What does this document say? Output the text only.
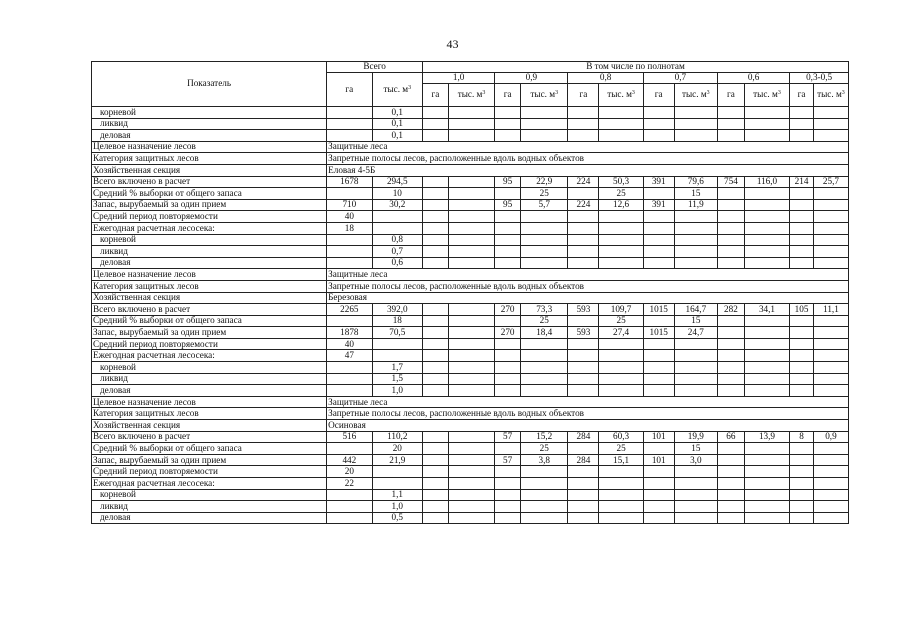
43
Показатель	Всего		В том числе по полнотам											
	га	тыс. $м^3$	1,0		0,9		0,8		0,7		0,6		0,3-0,5	
			га	тыс. $м^3$	га	тыс. $м^3$	га	тыс. $м^3$	га	тыс. $м^3$	га	тыс. $м^3$	га	тыс. $м^3$
корневой		0,1												
ликвид		0,1												
деловая		0,1												
Целевое назначение лесов	Защитные леса													
Категория защитных лесов	Запретные полосы лесов, расположенные вдоль водных объектов													
Хозяйственная секция	Еловая 4-5Б													
Всего включено в расчет	1678	294,5			95	22,9	224	50,3	391	79,6	754	116,0	214	25,7
Средний % выборки от общего запаса		10				25		25		15				
Запас, вырубаемый за один прием	710	30,2			95	5,7	224	12,6	391	11,9				
Средний период повторяемости	40													
Ежегодная расчетная лесосека:	18													
корневой		0,8												
ликвид		0,7												
деловая		0,6												
Целевое назначение лесов	Защитные леса													
Категория защитных лесов	Запретные полосы лесов, расположенные вдоль водных объектов													
Хозяйственная секция	Березовая													
Всего включено в расчет	2265	392,0			270	73,3	593	109,7	1015	164,7	282	34,1	105	11,1
Средний % выборки от общего запаса		18				25		25		15				
Запас, вырубаемый за один прием	1878	70,5			270	18,4	593	27,4	1015	24,7				
Средний период повторяемости	40													
Ежегодная расчетная лесосека:	47													
корневой		1,7												
ликвид		1,5												
деловая		1,0												
Целевое назначение лесов	Защитные леса													
Категория защитных лесов	Запретные полосы лесов, расположенные вдоль водных объектов													
Хозяйственная секция	Осиновая													
Всего включено в расчет	516	110,2			57	15,2	284	60,3	101	19,9	66	13,9	8	0,9
Средний % выборки от общего запаса		20				25		25		15				
Запас, вырубаемый за один прием	442	21,9			57	3,8	284	15,1	101	3,0				
Средний период повторяемости	20													
Ежегодная расчетная лесосека:	22													
корневой		1,1												
ликвид		1,0												
деловая		0,5												
